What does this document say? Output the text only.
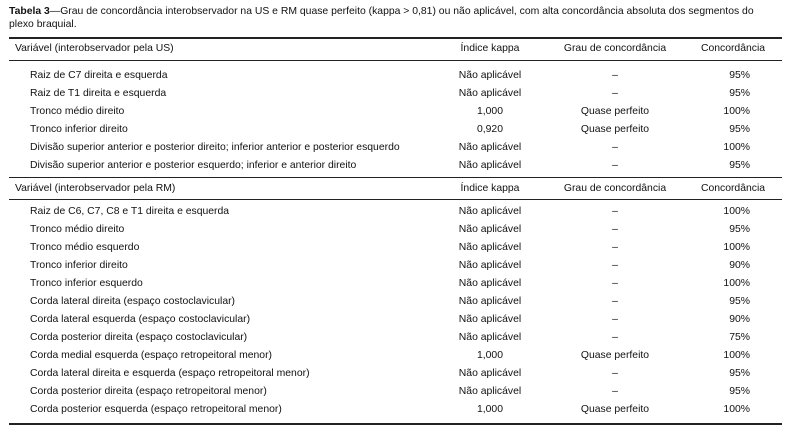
Tabela 3—Grau de concordância interobservador na US e RM quase perfeito (kappa > 0,81) ou não aplicável, com alta concordância absoluta dos segmentos do plexo braquial.
Variável (interobservador pela US)	Índice kappa	Grau de concordância	Concordância
Raiz de C7 direita e esquerda	Não aplicável	–	95%
Raiz de T1 direita e esquerda	Não aplicável	–	95%
Tronco médio direito	1,000	Quase perfeito	100%
Tronco inferior direito	0,920	Quase perfeito	95%
Divisão superior anterior e posterior direito; inferior anterior e posterior esquerdo	Não aplicável	–	100%
Divisão superior anterior e posterior esquerdo; inferior e anterior direito	Não aplicável	–	95%
Variável (interobservador pela RM)	Índice kappa	Grau de concordância	Concordância
Raiz de C6, C7, C8 e T1 direita e esquerda	Não aplicável	–	100%
Tronco médio direito	Não aplicável	–	95%
Tronco médio esquerdo	Não aplicável	–	100%
Tronco inferior direito	Não aplicável	–	90%
Tronco inferior esquerdo	Não aplicável	–	100%
Corda lateral direita (espaço costoclavicular)	Não aplicável	–	95%
Corda lateral esquerda (espaço costoclavicular)	Não aplicável	–	90%
Corda posterior direita (espaço costoclavicular)	Não aplicável	–	75%
Corda medial esquerda (espaço retropeitoral menor)	1,000	Quase perfeito	100%
Corda lateral direita e esquerda (espaço retropeitoral menor)	Não aplicável	–	95%
Corda posterior direita (espaço retropeitoral menor)	Não aplicável	–	95%
Corda posterior esquerda (espaço retropeitoral menor)	1,000	Quase perfeito	100%
